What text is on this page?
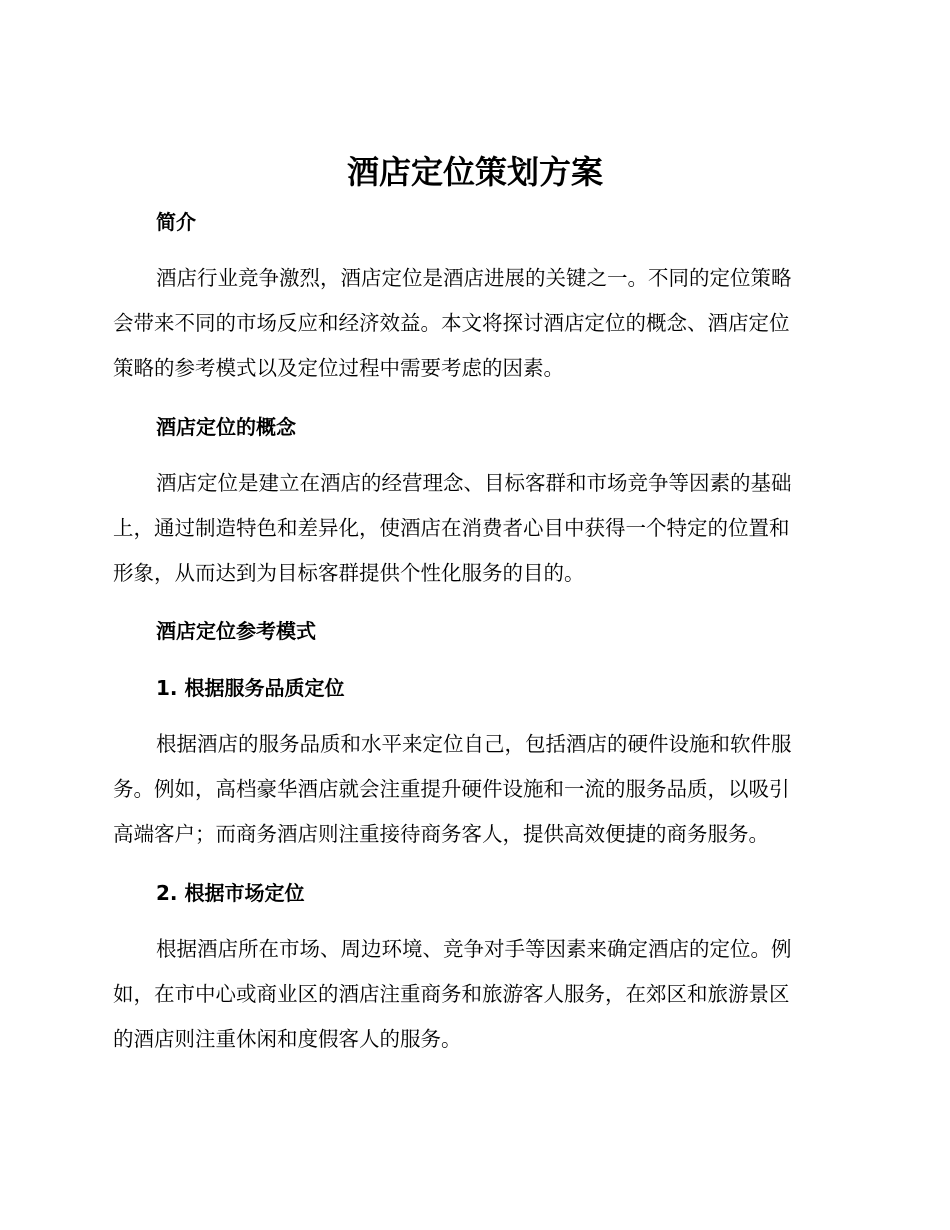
酒店定位策划方案
简介
酒店行业竞争激烈，酒店定位是酒店进展的关键之一。不同的定位策略
会带来不同的市场反应和经济效益。本文将探讨酒店定位的概念、酒店定位
策略的参考模式以及定位过程中需要考虑的因素。
酒店定位的概念
酒店定位是建立在酒店的经营理念、目标客群和市场竞争等因素的基础
上，通过制造特色和差异化，使酒店在消费者心目中获得一个特定的位置和
形象，从而达到为目标客群提供个性化服务的目的。
酒店定位参考模式
1. 根据服务品质定位
根据酒店的服务品质和水平来定位自己，包括酒店的硬件设施和软件服
务。例如，高档豪华酒店就会注重提升硬件设施和一流的服务品质，以吸引
高端客户；而商务酒店则注重接待商务客人，提供高效便捷的商务服务。
2. 根据市场定位
根据酒店所在市场、周边环境、竞争对手等因素来确定酒店的定位。例
如，在市中心或商业区的酒店注重商务和旅游客人服务，在郊区和旅游景区
的酒店则注重休闲和度假客人的服务。
